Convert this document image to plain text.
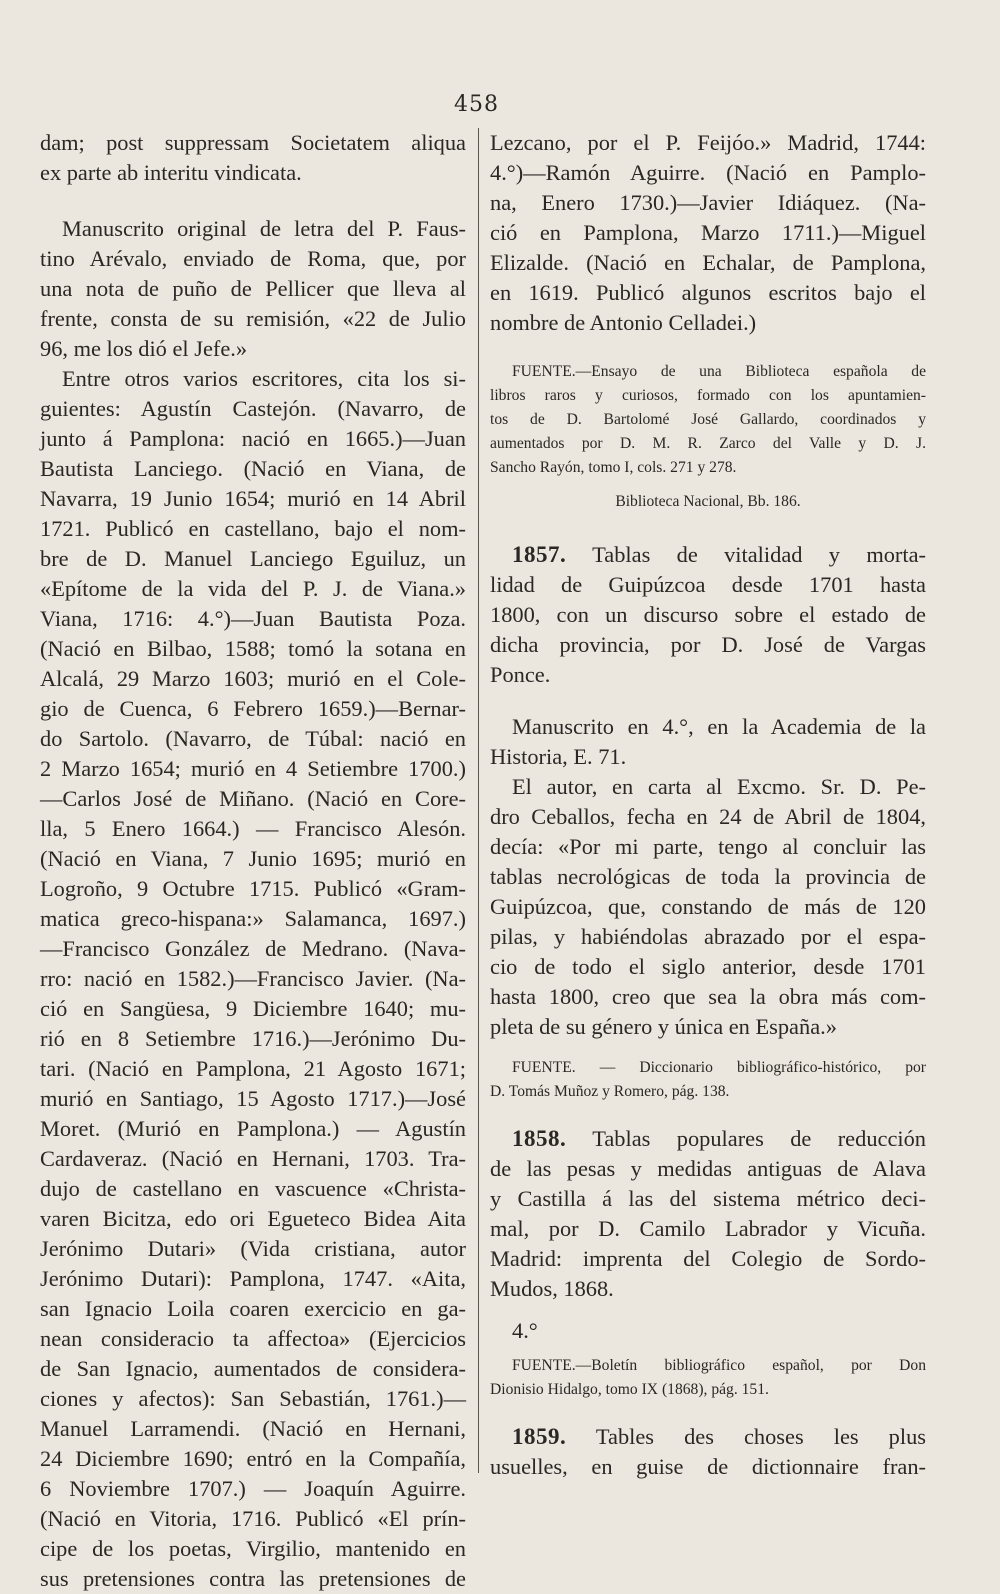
458
dam; post suppressam Societatem aliqua
ex parte ab interitu vindicata.
Manuscrito original de letra del P. Faus-
tino Arévalo, enviado de Roma, que, por
una nota de puño de Pellicer que lleva al
frente, consta de su remisión, «22 de Julio
96, me los dió el Jefe.»
Entre otros varios escritores, cita los si-
guientes: Agustín Castejón. (Navarro, de
junto á Pamplona: nació en 1665.)—Juan
Bautista Lanciego. (Nació en Viana, de
Navarra, 19 Junio 1654; murió en 14 Abril
1721. Publicó en castellano, bajo el nom-
bre de D. Manuel Lanciego Eguiluz, un
«Epítome de la vida del P. J. de Viana.»
Viana, 1716: 4.°)—Juan Bautista Poza.
(Nació en Bilbao, 1588; tomó la sotana en
Alcalá, 29 Marzo 1603; murió en el Cole-
gio de Cuenca, 6 Febrero 1659.)—Bernar-
do Sartolo. (Navarro, de Túbal: nació en
2 Marzo 1654; murió en 4 Setiembre 1700.)
—Carlos José de Miñano. (Nació en Core-
lla, 5 Enero 1664.) — Francisco Alesón.
(Nació en Viana, 7 Junio 1695; murió en
Logroño, 9 Octubre 1715. Publicó «Gram-
matica greco-hispana:» Salamanca, 1697.)
—Francisco González de Medrano. (Nava-
rro: nació en 1582.)—Francisco Javier. (Na-
ció en Sangüesa, 9 Diciembre 1640; mu-
rió en 8 Setiembre 1716.)—Jerónimo Du-
tari. (Nació en Pamplona, 21 Agosto 1671;
murió en Santiago, 15 Agosto 1717.)—José
Moret. (Murió en Pamplona.) — Agustín
Cardaveraz. (Nació en Hernani, 1703. Tra-
dujo de castellano en vascuence «Christa-
varen Bicitza, edo ori Egueteco Bidea Aita
Jerónimo Dutari» (Vida cristiana, autor
Jerónimo Dutari): Pamplona, 1747. «Aita,
san Ignacio Loila coaren exercicio en ga-
nean consideracio ta affectoa» (Ejercicios
de San Ignacio, aumentados de considera-
ciones y afectos): San Sebastián, 1761.)—
Manuel Larramendi. (Nació en Hernani,
24 Diciembre 1690; entró en la Compañía,
6 Noviembre 1707.) — Joaquín Aguirre.
(Nació en Vitoria, 1716. Publicó «El prín-
cipe de los poetas, Virgilio, mantenido en
sus pretensiones contra las pretensiones de
Lezcano, por el P. Feijóo.» Madrid, 1744:
4.°)—Ramón Aguirre. (Nació en Pamplo-
na, Enero 1730.)—Javier Idiáquez. (Na-
ció en Pamplona, Marzo 1711.)—Miguel
Elizalde. (Nació en Echalar, de Pamplona,
en 1619. Publicó algunos escritos bajo el
nombre de Antonio Celladei.)
FUENTE.—Ensayo de una Biblioteca española de
libros raros y curiosos, formado con los apuntamien-
tos de D. Bartolomé José Gallardo, coordinados y
aumentados por D. M. R. Zarco del Valle y D. J.
Sancho Rayón, tomo I, cols. 271 y 278.
Biblioteca Nacional, Bb. 186.
1857. Tablas de vitalidad y morta-
lidad de Guipúzcoa desde 1701 hasta
1800, con un discurso sobre el estado de
dicha provincia, por D. José de Vargas
Ponce.
Manuscrito en 4.°, en la Academia de la
Historia, E. 71.
El autor, en carta al Excmo. Sr. D. Pe-
dro Ceballos, fecha en 24 de Abril de 1804,
decía: «Por mi parte, tengo al concluir las
tablas necrológicas de toda la provincia de
Guipúzcoa, que, constando de más de 120
pilas, y habiéndolas abrazado por el espa-
cio de todo el siglo anterior, desde 1701
hasta 1800, creo que sea la obra más com-
pleta de su género y única en España.»
FUENTE. — Diccionario bibliográfico-histórico, por
D. Tomás Muñoz y Romero, pág. 138.
1858. Tablas populares de reducción
de las pesas y medidas antiguas de Alava
y Castilla á las del sistema métrico deci-
mal, por D. Camilo Labrador y Vicuña.
Madrid: imprenta del Colegio de Sordo-
Mudos, 1868.
4.°
FUENTE.—Boletín bibliográfico español, por Don
Dionisio Hidalgo, tomo IX (1868), pág. 151.
1859. Tables des choses les plus
usuelles, en guise de dictionnaire fran-
